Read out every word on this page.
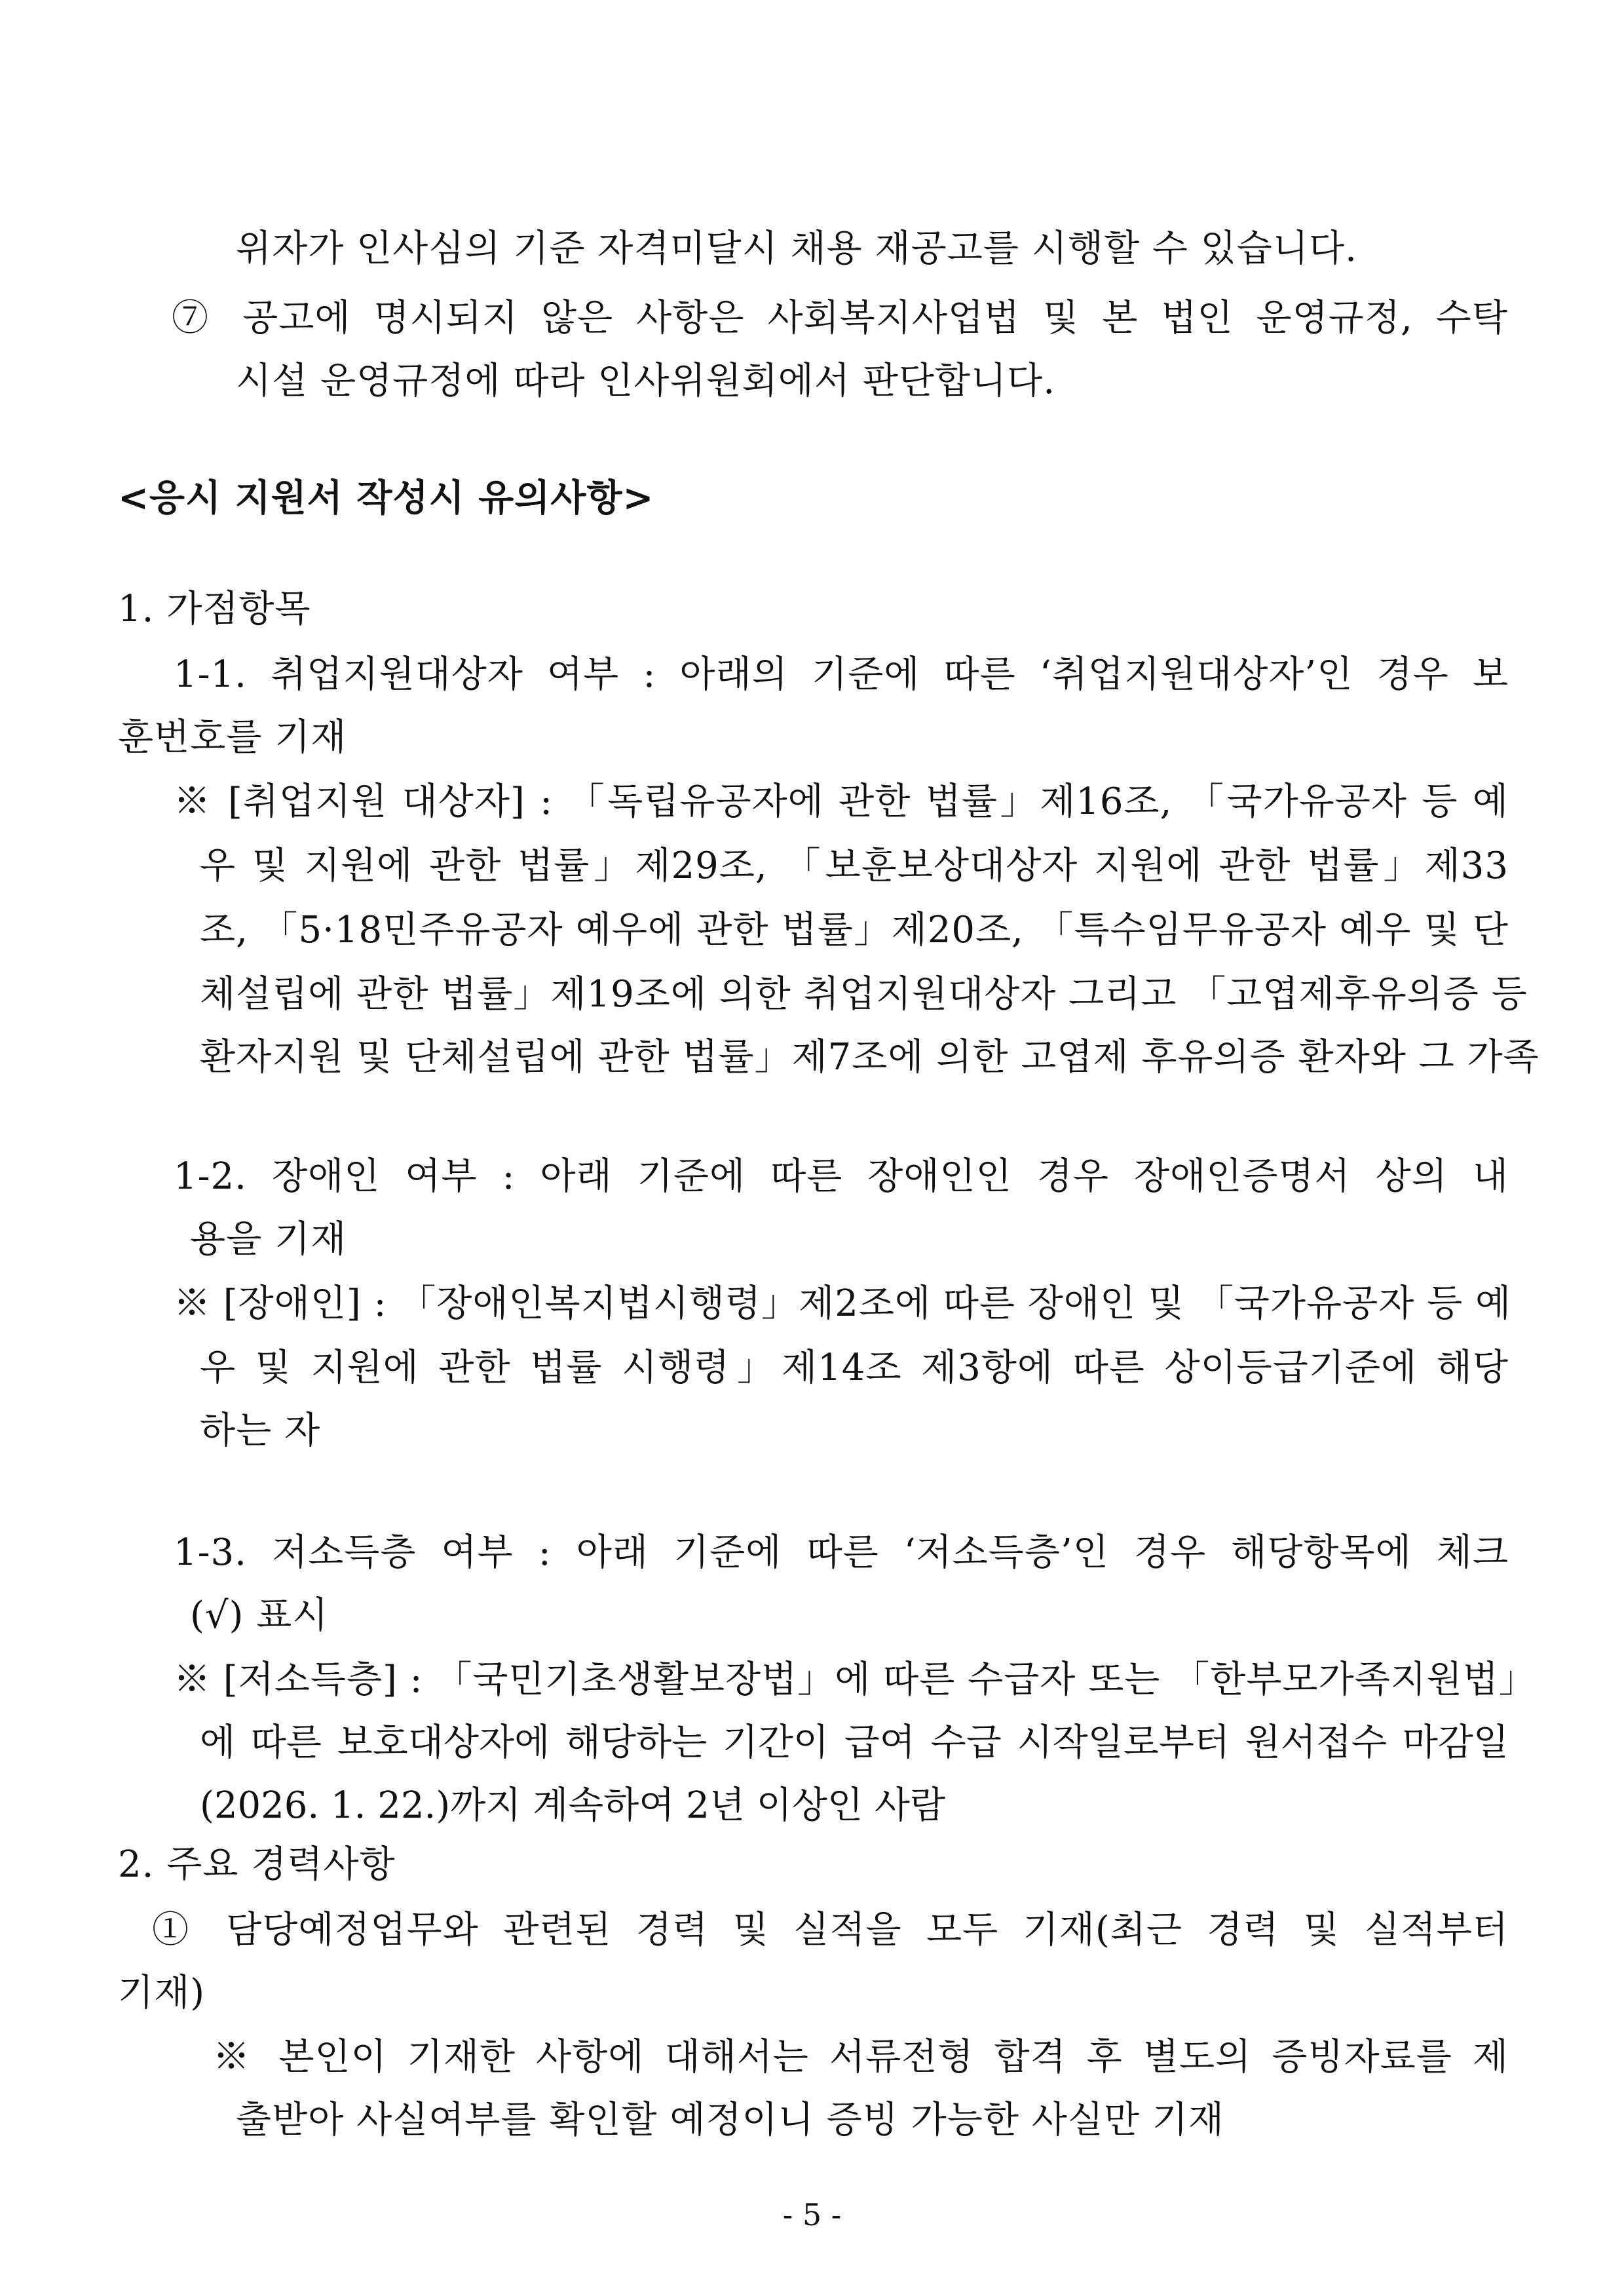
위자가 인사심의 기준 자격미달시 채용 재공고를 시행할 수 있습니다.
⑦ 공고에 명시되지 않은 사항은 사회복지사업법 및 본 법인 운영규정, 수탁
시설 운영규정에 따라 인사위원회에서 판단합니다.
<응시 지원서 작성시 유의사항>
1. 가점항목
1-1. 취업지원대상자 여부 : 아래의 기준에 따른 ‘취업지원대상자’인 경우 보
훈번호를 기재
※ [취업지원 대상자] : 「독립유공자에 관한 법률」제16조, 「국가유공자 등 예
우 및 지원에 관한 법률」제29조, 「보훈보상대상자 지원에 관한 법률」제33
조, 「5·18민주유공자 예우에 관한 법률」제20조, 「특수임무유공자 예우 및 단
체설립에 관한 법률」제19조에 의한 취업지원대상자 그리고 「고엽제후유의증 등
환자지원 및 단체설립에 관한 법률」제7조에 의한 고엽제 후유의증 환자와 그 가족
1-2. 장애인 여부 : 아래 기준에 따른 장애인인 경우 장애인증명서 상의 내
용을 기재
※ [장애인] : 「장애인복지법시행령」제2조에 따른 장애인 및 「국가유공자 등 예
우 및 지원에 관한 법률 시행령」제14조 제3항에 따른 상이등급기준에 해당
하는 자
1-3. 저소득층 여부 : 아래 기준에 따른 ‘저소득층’인 경우 해당항목에 체크
(√) 표시
※ [저소득층] : 「국민기초생활보장법」에 따른 수급자 또는 「한부모가족지원법」
에 따른 보호대상자에 해당하는 기간이 급여 수급 시작일로부터 원서접수 마감일
(2026. 1. 22.)까지 계속하여 2년 이상인 사람
2. 주요 경력사항
① 담당예정업무와 관련된 경력 및 실적을 모두 기재(최근 경력 및 실적부터
기재)
※ 본인이 기재한 사항에 대해서는 서류전형 합격 후 별도의 증빙자료를 제
출받아 사실여부를 확인할 예정이니 증빙 가능한 사실만 기재
- 5 -
